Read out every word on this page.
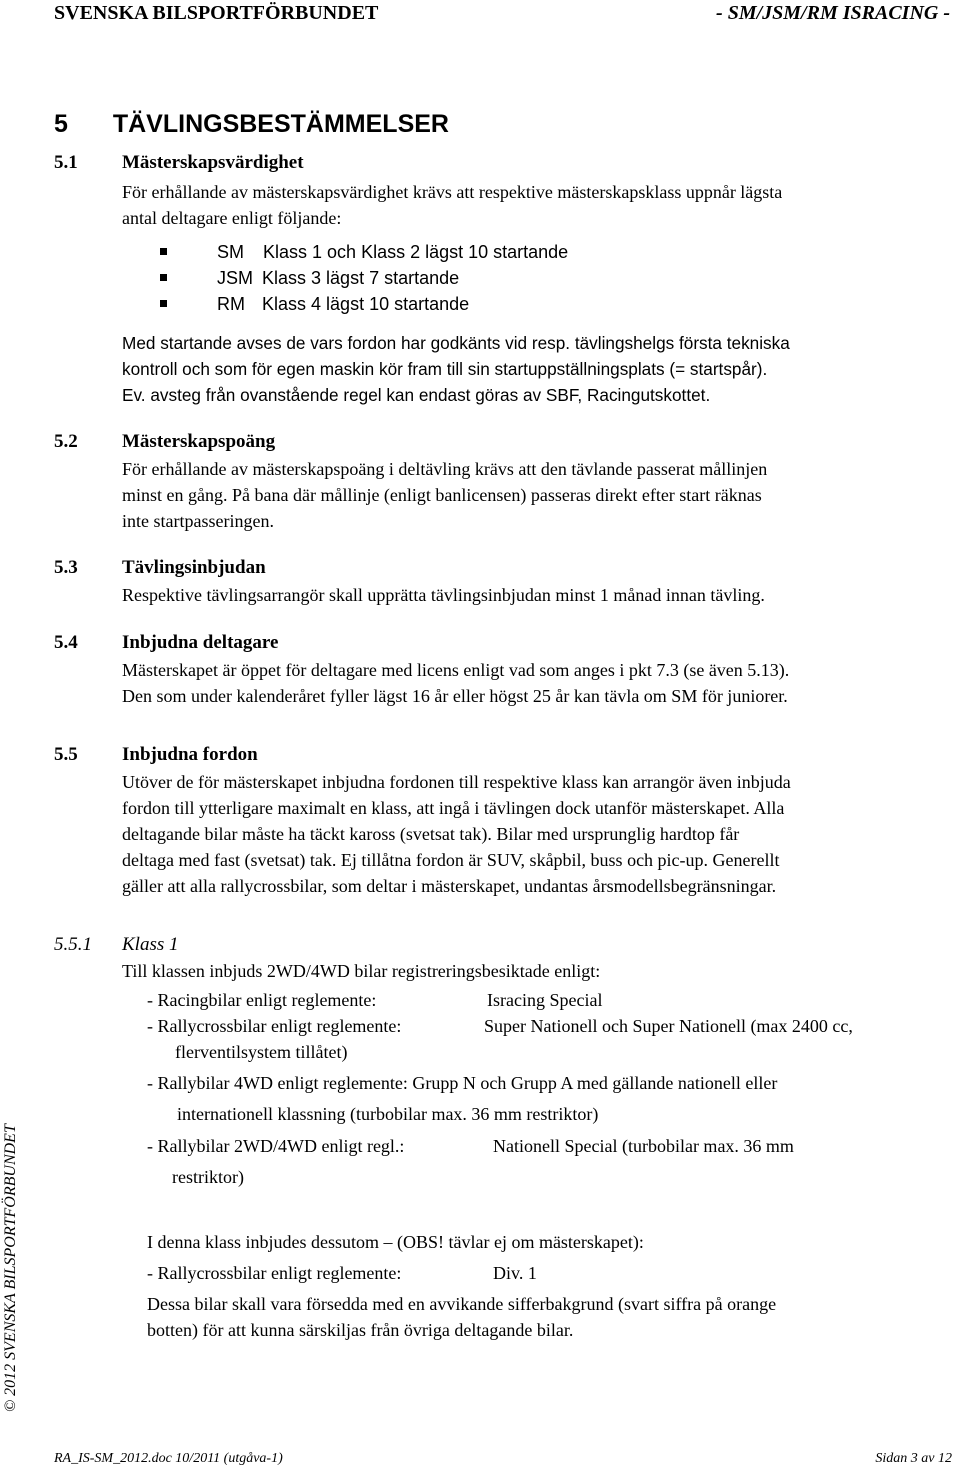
SVENSKA BILSPORTFÖRBUNDET	- SM/JSM/RM ISRACING -
5 TÄVLINGSBESTÄMMELSER
5.1 Mästerskapsvärdighet
För erhållande av mästerskapsvärdighet krävs att respektive mästerskapsklass uppnår lägsta
antal deltagare enligt följande:
SM Klass 1 och Klass 2 lägst 10 startande
JSM Klass 3 lägst 7 startande
RM Klass 4 lägst 10 startande
Med startande avses de vars fordon har godkänts vid resp. tävlingshelgs första tekniska
kontroll och som för egen maskin kör fram till sin startuppställningsplats (= startspår).
Ev. avsteg från ovanstående regel kan endast göras av SBF, Racingutskottet.
5.2 Mästerskapspoäng
För erhållande av mästerskapspoäng i deltävling krävs att den tävlande passerat mållinjen
minst en gång. På bana där mållinje (enligt banlicensen) passeras direkt efter start räknas
inte startpasseringen.
5.3 Tävlingsinbjudan
Respektive tävlingsarrangör skall upprätta tävlingsinbjudan minst 1 månad innan tävling.
5.4 Inbjudna deltagare
Mästerskapet är öppet för deltagare med licens enligt vad som anges i pkt 7.3 (se även 5.13).
Den som under kalenderåret fyller lägst 16 år eller högst 25 år kan tävla om SM för juniorer.
5.5 Inbjudna fordon
Utöver de för mästerskapet inbjudna fordonen till respektive klass kan arrangör även inbjuda
fordon till ytterligare maximalt en klass, att ingå i tävlingen dock utanför mästerskapet. Alla
deltagande bilar måste ha täckt kaross (svetsat tak). Bilar med ursprunglig hardtop får
deltaga med fast (svetsat) tak. Ej tillåtna fordon är SUV, skåpbil, buss och pic-up. Generellt
gäller att alla rallycrossbilar, som deltar i mästerskapet, undantas årsmodellsbegränsningar.
5.5.1 Klass 1
Till klassen inbjuds 2WD/4WD bilar registreringsbesiktade enligt:
- Racingbilar enligt reglemente:	Isracing Special
- Rallycrossbilar enligt reglemente:	Super Nationell och Super Nationell (max 2400 cc,
flerventilsystem tillåtet)
- Rallybilar 4WD enligt reglemente: Grupp N och Grupp A med gällande nationell eller
internationell klassning (turbobilar max. 36 mm restriktor)
- Rallybilar 2WD/4WD enligt regl.:	Nationell Special (turbobilar max. 36 mm
restriktor)
I denna klass inbjudes dessutom – (OBS! tävlar ej om mästerskapet):
- Rallycrossbilar enligt reglemente:	Div. 1
Dessa bilar skall vara försedda med en avvikande sifferbakgrund (svart siffra på orange
botten) för att kunna särskiljas från övriga deltagande bilar.
© 2012 SVENSKA BILSPORTFÖRBUNDET
RA_IS-SM_2012.doc 10/2011 (utgåva-1)	Sidan 3 av 12
